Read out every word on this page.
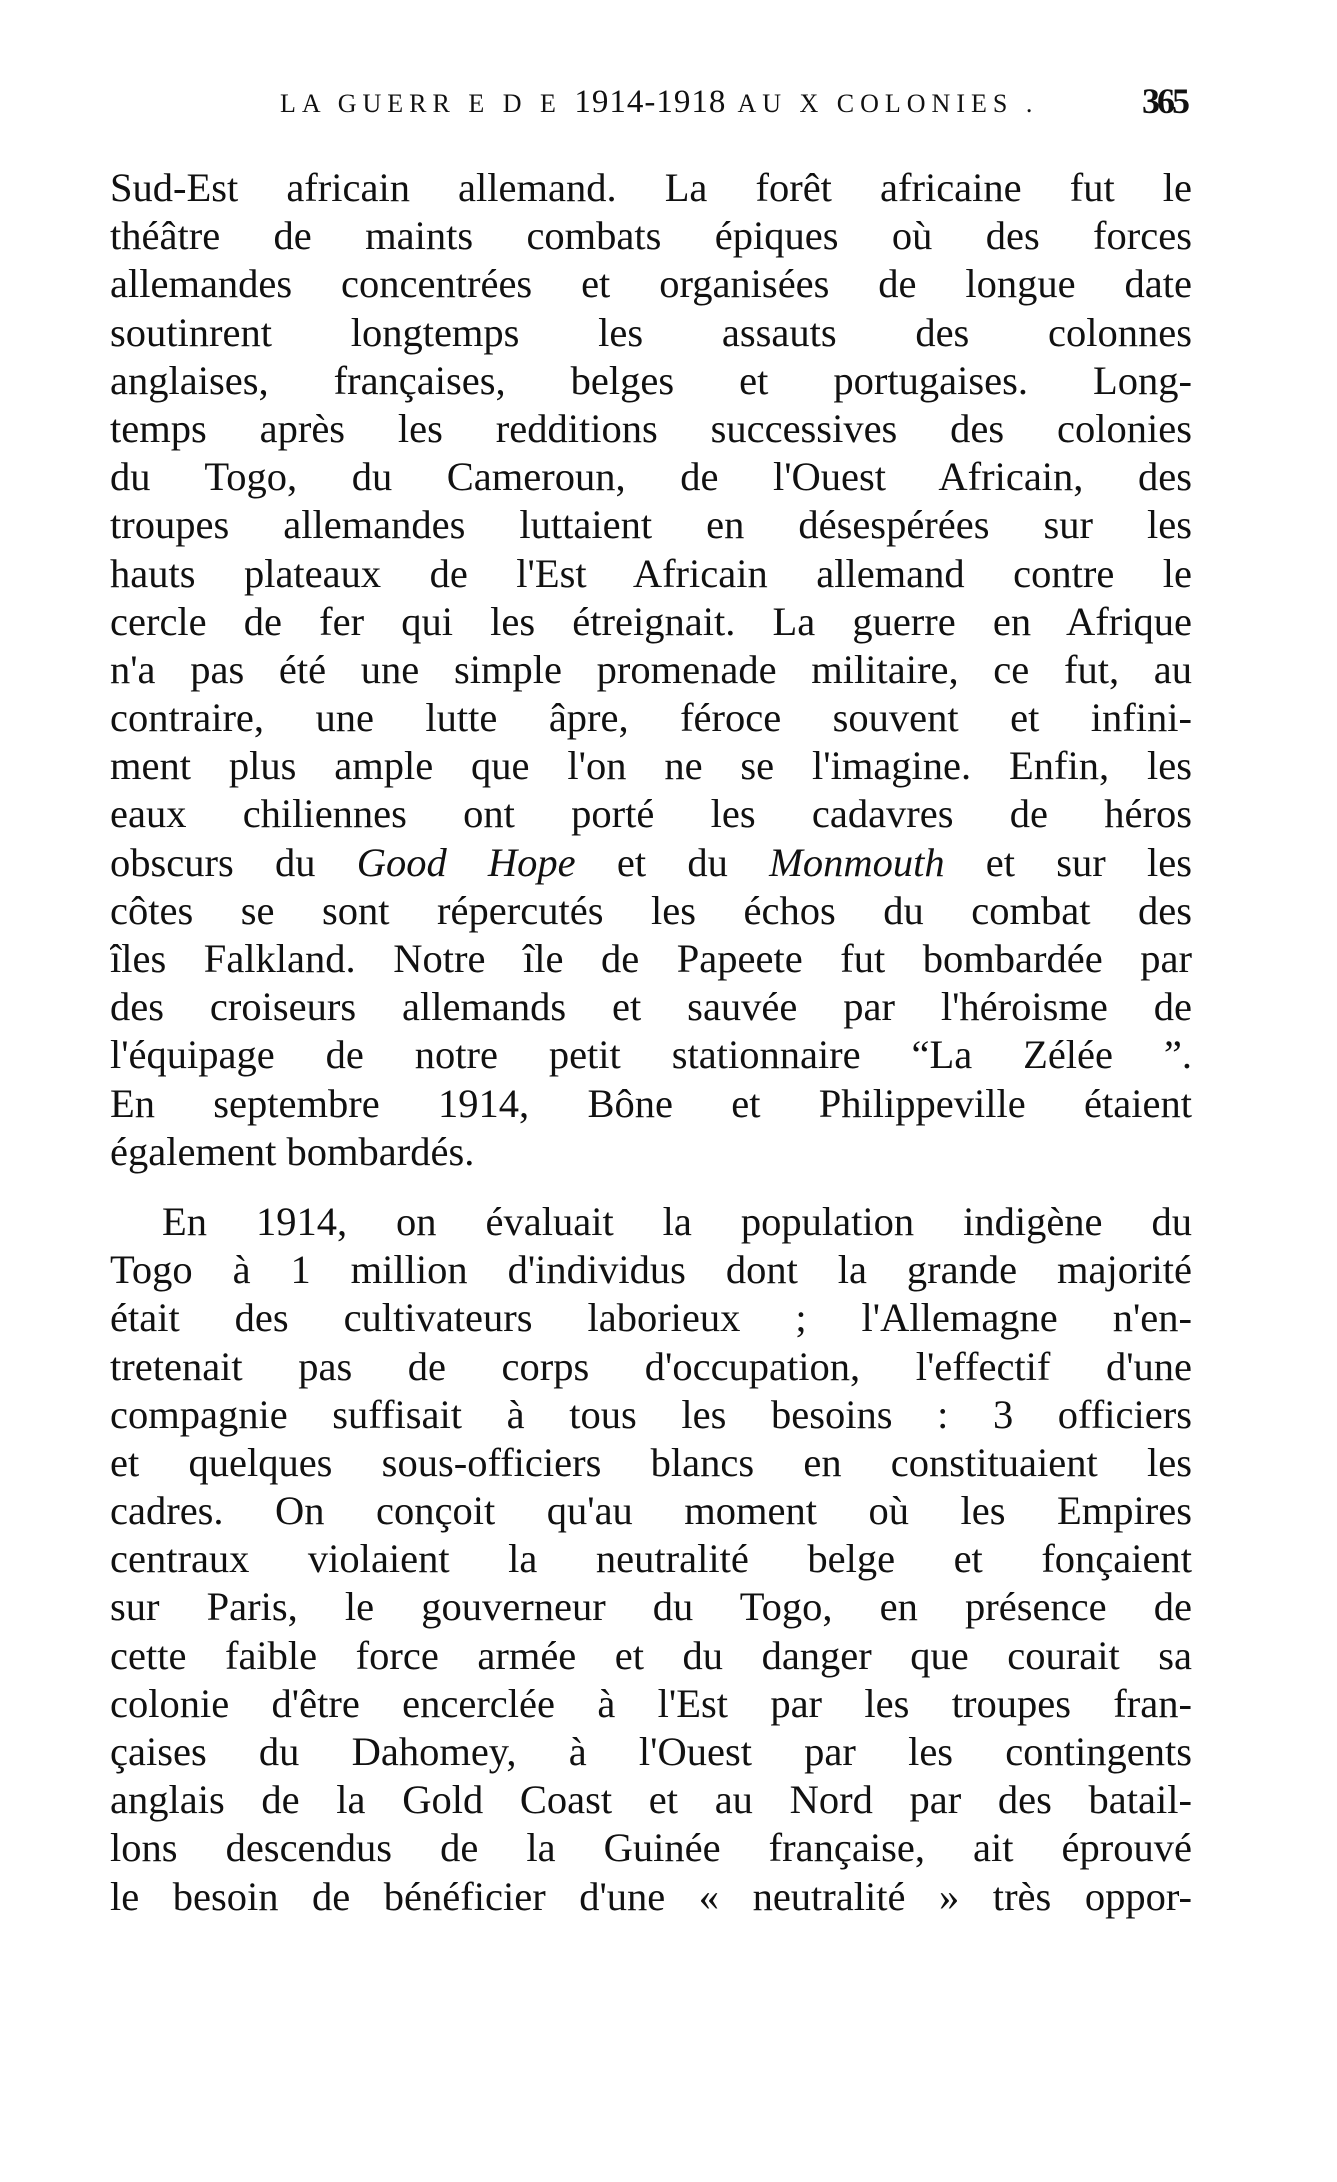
LA GUERR E D E 1914-1918 AU X COLONIES .	365
Sud-Est africain allemand. La forêt africaine fut le
théâtre de maints combats épiques où des forces
allemandes concentrées et organisées de longue date
soutinrent longtemps les assauts des colonnes
anglaises, françaises, belges et portugaises. Long-
temps après les redditions successives des colonies
du Togo, du Cameroun, de l'Ouest Africain, des
troupes allemandes luttaient en désespérées sur les
hauts plateaux de l'Est Africain allemand contre le
cercle de fer qui les étreignait. La guerre en Afrique
n'a pas été une simple promenade militaire, ce fut, au
contraire, une lutte âpre, féroce souvent et infini-
ment plus ample que l'on ne se l'imagine. Enfin, les
eaux chiliennes ont porté les cadavres de héros
obscurs du Good Hope et du Monmouth et sur les
côtes se sont répercutés les échos du combat des
îles Falkland. Notre île de Papeete fut bombardée par
des croiseurs allemands et sauvée par l'héroisme de
l'équipage de notre petit stationnaire “La Zélée ”.
En septembre 1914, Bône et Philippeville étaient
également bombardés.
En 1914, on évaluait la population indigène du
Togo à 1 million d'individus dont la grande majorité
était des cultivateurs laborieux ; l'Allemagne n'en-
tretenait pas de corps d'occupation, l'effectif d'une
compagnie suffisait à tous les besoins : 3 officiers
et quelques sous-officiers blancs en constituaient les
cadres. On conçoit qu'au moment où les Empires
centraux violaient la neutralité belge et fonçaient
sur Paris, le gouverneur du Togo, en présence de
cette faible force armée et du danger que courait sa
colonie d'être encerclée à l'Est par les troupes fran-
çaises du Dahomey, à l'Ouest par les contingents
anglais de la Gold Coast et au Nord par des batail-
lons descendus de la Guinée française, ait éprouvé
le besoin de bénéficier d'une « neutralité » très oppor-
